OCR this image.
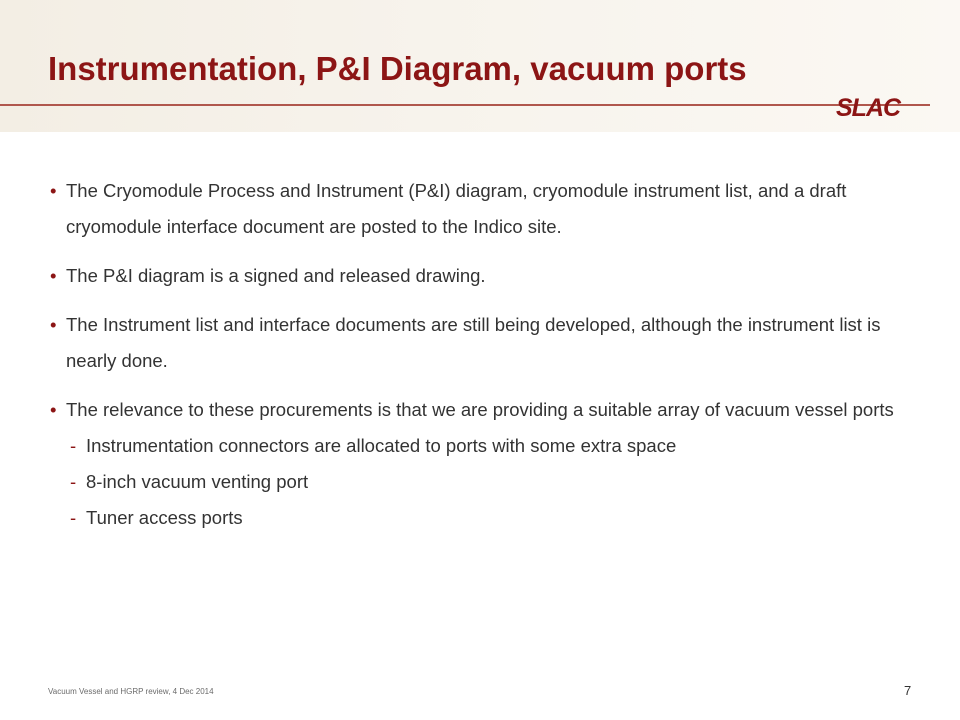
Instrumentation, P&I Diagram, vacuum ports
SLAC
• The Cryomodule Process and Instrument (P&I) diagram, cryomodule instrument list, and a draft cryomodule interface document are posted to the Indico site.
• The P&I diagram is a signed and released drawing.
• The Instrument list and interface documents are still being developed, although the instrument list is nearly done.
• The relevance to these procurements is that we are providing a suitable array of vacuum vessel ports
- Instrumentation connectors are allocated to ports with some extra space
- 8-inch vacuum venting port
- Tuner access ports
Vacuum Vessel and HGRP review, 4 Dec 2014	7
